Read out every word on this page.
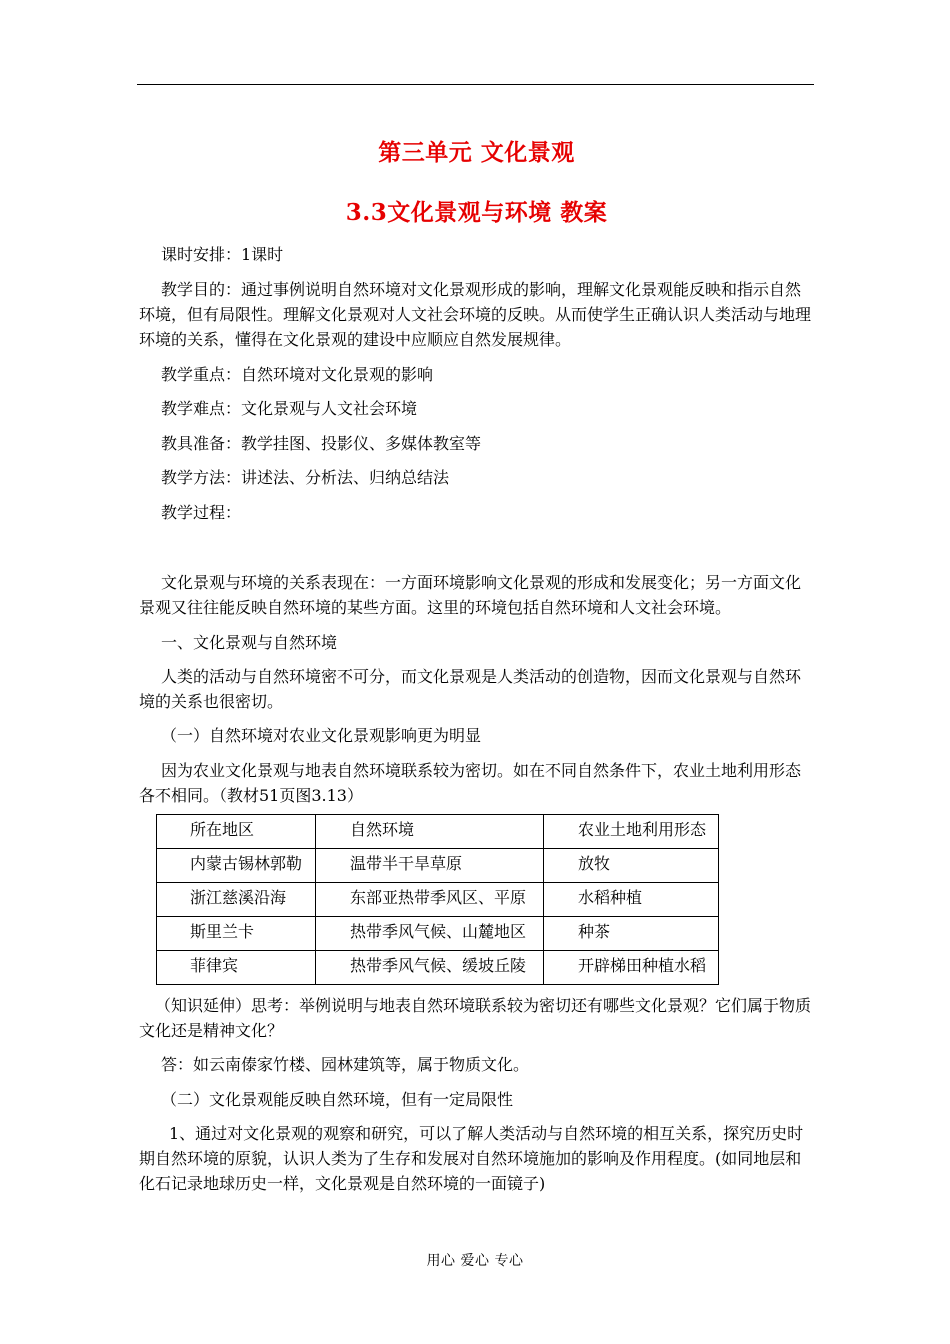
第三单元 文化景观
3.3文化景观与环境 教案

课时安排：1课时

教学目的：通过事例说明自然环境对文化景观形成的影响，理解文化景观能反映和指示自然环境，但有局限性。理解文化景观对人文社会环境的反映。从而使学生正确认识人类活动与地理环境的关系，懂得在文化景观的建设中应顺应自然发展规律。

教学重点：自然环境对文化景观的影响

教学难点：文化景观与人文社会环境

教具准备：教学挂图、投影仪、多媒体教室等

教学方法：讲述法、分析法、归纳总结法

教学过程：

文化景观与环境的关系表现在：一方面环境影响文化景观的形成和发展变化；另一方面文化景观又往往能反映自然环境的某些方面。这里的环境包括自然环境和人文社会环境。

一、文化景观与自然环境

人类的活动与自然环境密不可分，而文化景观是人类活动的创造物，因而文化景观与自然环境的关系也很密切。

（一）自然环境对农业文化景观影响更为明显

因为农业文化景观与地表自然环境联系较为密切。如在不同自然条件下，农业土地利用形态各不相同。（教材51页图3.13）

所在地区	自然环境	农业土地利用形态
内蒙古锡林郭勒	温带半干旱草原	放牧
浙江慈溪沿海	东部亚热带季风区、平原	水稻种植
斯里兰卡	热带季风气候、山麓地区	种茶
菲律宾	热带季风气候、缓坡丘陵	开辟梯田种植水稻

（知识延伸）思考：举例说明与地表自然环境联系较为密切还有哪些文化景观？它们属于物质文化还是精神文化？

答：如云南傣家竹楼、园林建筑等，属于物质文化。

（二）文化景观能反映自然环境，但有一定局限性

1、通过对文化景观的观察和研究，可以了解人类活动与自然环境的相互关系，探究历史时期自然环境的原貌，认识人类为了生存和发展对自然环境施加的影响及作用程度。(如同地层和化石记录地球历史一样，文化景观是自然环境的一面镜子)

用心 爱心 专心
